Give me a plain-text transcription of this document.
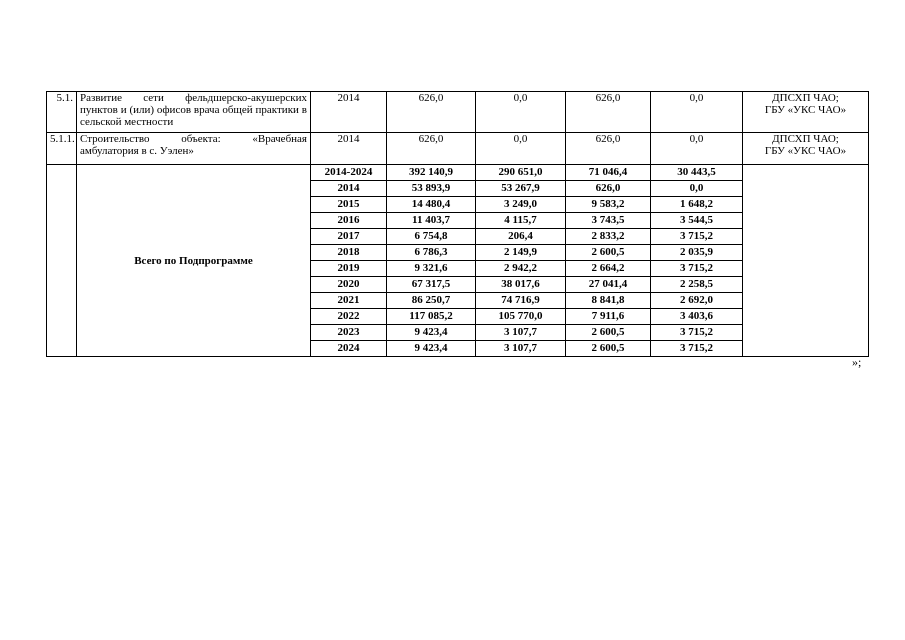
5.1.	Развитие сети фельдшерско-акушерских пунктов и (или) офисов врача общей практики в сельской местности	2014	626,0	0,0	626,0	0,0	ДПСХП ЧАО;
ГБУ «УКС ЧАО»

5.1.1.	Строительство объекта: «Врачебная амбулатория в с. Уэлен»	2014	626,0	0,0	626,0	0,0	ДПСХП ЧАО;
ГБУ «УКС ЧАО»

	Всего по Подпрограмме	2014-2024	392 140,9	290 651,0	71 046,4	30 443,5	
		2014	53 893,9	53 267,9	626,0	0,0	
		2015	14 480,4	3 249,0	9 583,2	1 648,2	
		2016	11 403,7	4 115,7	3 743,5	3 544,5	
		2017	6 754,8	206,4	2 833,2	3 715,2	
		2018	6 786,3	2 149,9	2 600,5	2 035,9	
		2019	9 321,6	2 942,2	2 664,2	3 715,2	
		2020	67 317,5	38 017,6	27 041,4	2 258,5	
		2021	86 250,7	74 716,9	8 841,8	2 692,0	
		2022	117 085,2	105 770,0	7 911,6	3 403,6	
		2023	9 423,4	3 107,7	2 600,5	3 715,2	
		2024	9 423,4	3 107,7	2 600,5	3 715,2	
»;
